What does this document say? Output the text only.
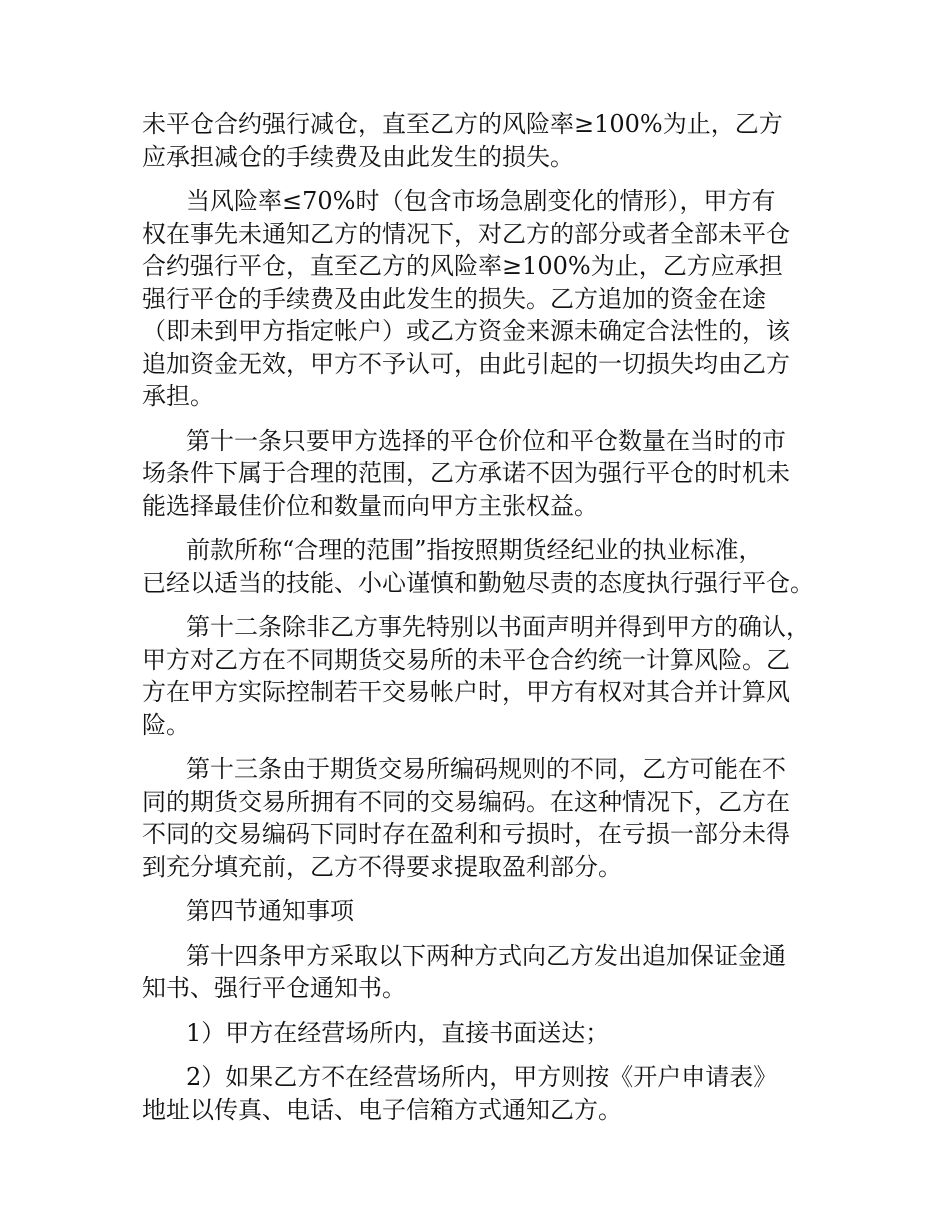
未平仓合约强行减仓，直至乙方的风险率≥100%为止，乙方
应承担减仓的手续费及由此发生的损失。

当风险率≤70%时（包含市场急剧变化的情形），甲方有
权在事先未通知乙方的情况下，对乙方的部分或者全部未平仓
合约强行平仓，直至乙方的风险率≥100%为止，乙方应承担
强行平仓的手续费及由此发生的损失。乙方追加的资金在途
（即未到甲方指定帐户）或乙方资金来源未确定合法性的，该
追加资金无效，甲方不予认可，由此引起的一切损失均由乙方
承担。

第十一条只要甲方选择的平仓价位和平仓数量在当时的市
场条件下属于合理的范围，乙方承诺不因为强行平仓的时机未
能选择最佳价位和数量而向甲方主张权益。

前款所称“合理的范围”指按照期货经纪业的执业标准，
已经以适当的技能、小心谨慎和勤勉尽责的态度执行强行平仓。

第十二条除非乙方事先特别以书面声明并得到甲方的确认，
甲方对乙方在不同期货交易所的未平仓合约统一计算风险。乙
方在甲方实际控制若干交易帐户时，甲方有权对其合并计算风
险。

第十三条由于期货交易所编码规则的不同，乙方可能在不
同的期货交易所拥有不同的交易编码。在这种情况下，乙方在
不同的交易编码下同时存在盈利和亏损时，在亏损一部分未得
到充分填充前，乙方不得要求提取盈利部分。

第四节通知事项

第十四条甲方采取以下两种方式向乙方发出追加保证金通
知书、强行平仓通知书。

1）甲方在经营场所内，直接书面送达；

2）如果乙方不在经营场所内，甲方则按《开户申请表》
地址以传真、电话、电子信箱方式通知乙方。
